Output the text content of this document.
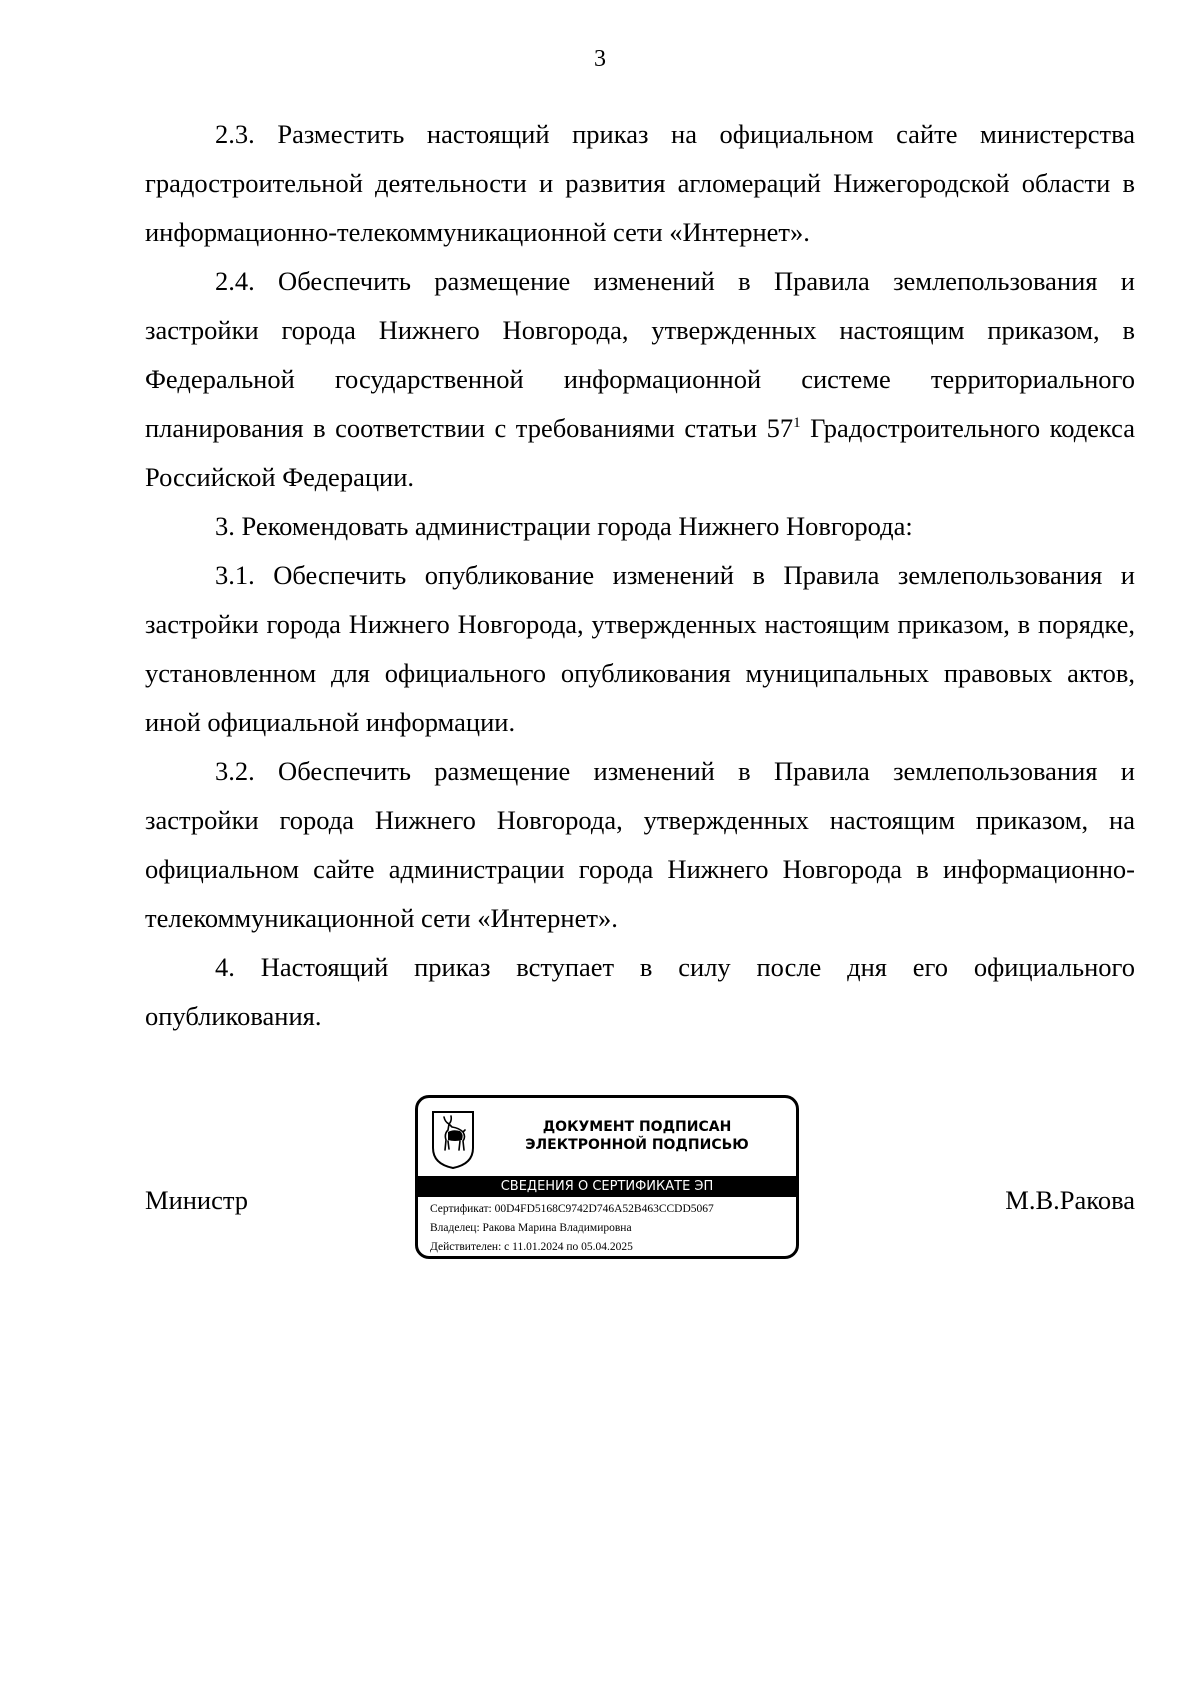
3

2.3. Разместить настоящий приказ на официальном сайте министерства градостроительной деятельности и развития агломераций Нижегородской области в информационно-телекоммуникационной сети «Интернет».

2.4. Обеспечить размещение изменений в Правила землепользования и застройки города Нижнего Новгорода, утвержденных настоящим приказом, в Федеральной государственной информационной системе территориального планирования в соответствии с требованиями статьи $57^1$ Градостроительного кодекса Российской Федерации.

3. Рекомендовать администрации города Нижнего Новгорода:

3.1. Обеспечить опубликование изменений в Правила землепользования и застройки города Нижнего Новгорода, утвержденных настоящим приказом, в порядке, установленном для официального опубликования муниципальных правовых актов, иной официальной информации.

3.2. Обеспечить размещение изменений в Правила землепользования и застройки города Нижнего Новгорода, утвержденных настоящим приказом, на официальном сайте администрации города Нижнего Новгорода в информационно-телекоммуникационной сети «Интернет».

4. Настоящий приказ вступает в силу после дня его официального опубликования.

Министр
ДОКУМЕНТ ПОДПИСАН
ЭЛЕКТРОННОЙ ПОДПИСЬЮ
СВЕДЕНИЯ О СЕРТИФИКАТЕ ЭП
Сертификат: 00D4FD5168C9742D746A52B463CCDD5067
Владелец: Ракова Марина Владимировна
Действителен: с 11.01.2024 по 05.04.2025
М.В.Ракова
